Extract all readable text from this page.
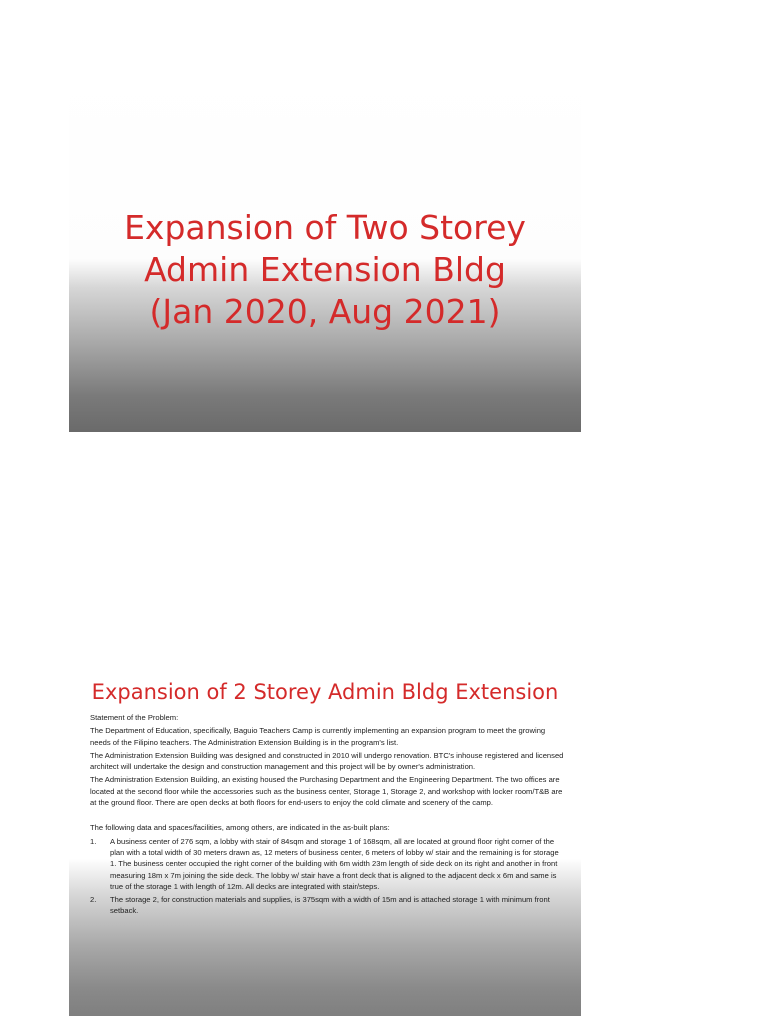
Expansion of Two Storey
Admin Extension Bldg
(Jan 2020, Aug 2021)
Expansion of 2 Storey Admin Bldg Extension

Statement of the Problem:

The Department of Education, specifically, Baguio Teachers Camp is currently implementing an expansion program to meet the growing needs of the Filipino teachers. The Administration Extension Building is in the program's list.

The Administration Extension Building was designed and constructed in 2010 will undergo renovation. BTC's inhouse registered and licensed architect will undertake the design and construction management and this project will be by owner's administration.

The Administration Extension Building, an existing housed the Purchasing Department and the Engineering Department. The two offices are located at the second floor while the accessories such as the business center, Storage 1, Storage 2, and workshop with locker room/T&B are at the ground floor. There are open decks at both floors for end-users to enjoy the cold climate and scenery of the camp.

The following data and spaces/facilities, among others, are indicated in the as-built plans:

1. A business center of 276 sqm, a lobby with stair of 84sqm and storage 1 of 168sqm, all are located at ground floor right corner of the plan with a total width of 30 meters drawn as, 12 meters of business center, 6 meters of lobby w/ stair and the remaining is for storage 1. The business center occupied the right corner of the building with 6m width 23m length of side deck on its right and another in front measuring 18m x 7m joining the side deck. The lobby w/ stair have a front deck that is aligned to the adjacent deck x 6m and same is true of the storage 1 with length of 12m. All decks are integrated with stair/steps.
2. The storage 2, for construction materials and supplies, is 375sqm with a width of 15m and is attached storage 1 with minimum front setback.
